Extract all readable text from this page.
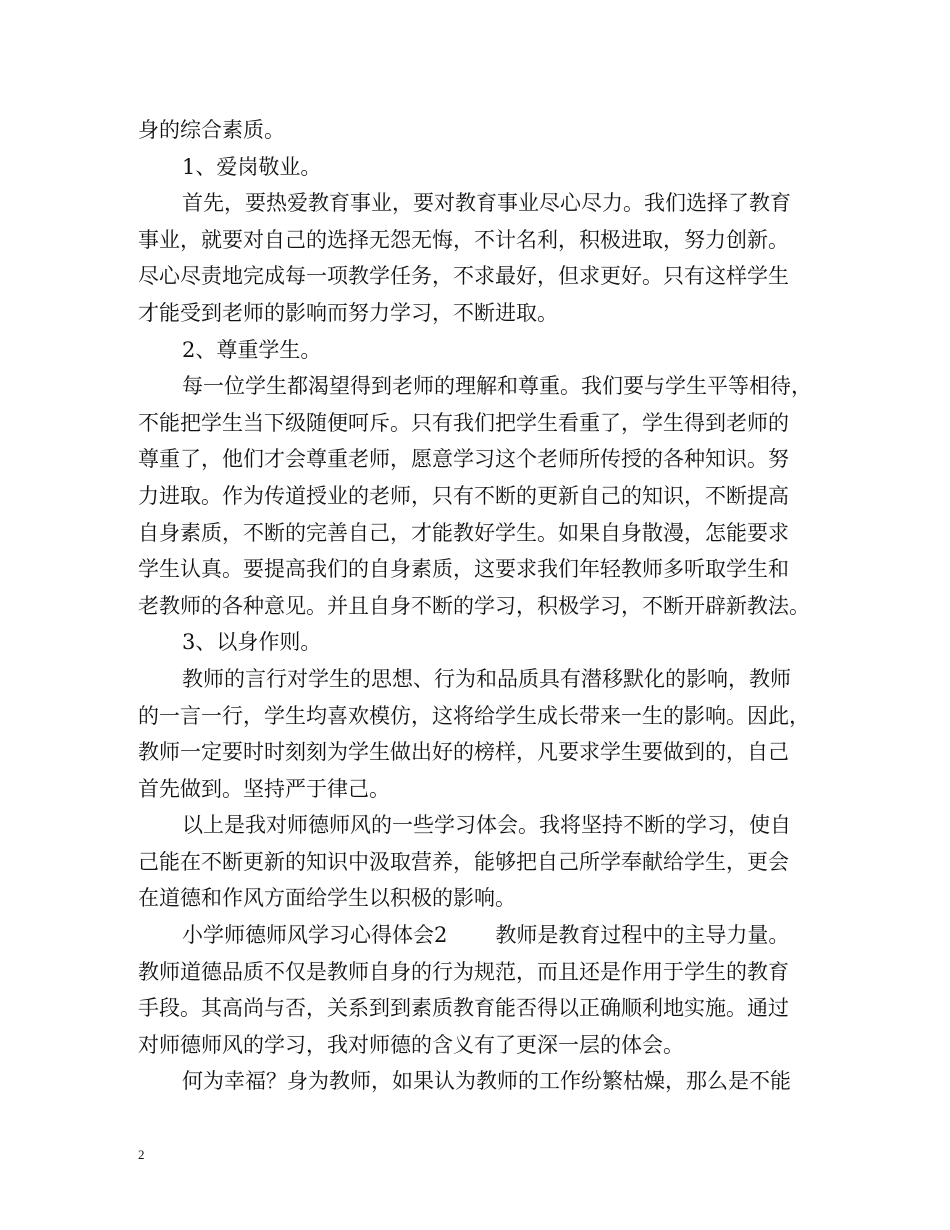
身的综合素质。
1、爱岗敬业。
首先，要热爱教育事业，要对教育事业尽心尽力。我们选择了教育
事业，就要对自己的选择无怨无悔，不计名利，积极进取，努力创新。
尽心尽责地完成每一项教学任务，不求最好，但求更好。只有这样学生
才能受到老师的影响而努力学习，不断进取。
2、尊重学生。
每一位学生都渴望得到老师的理解和尊重。我们要与学生平等相待，
不能把学生当下级随便呵斥。只有我们把学生看重了，学生得到老师的
尊重了，他们才会尊重老师，愿意学习这个老师所传授的各种知识。努
力进取。作为传道授业的老师，只有不断的更新自己的知识，不断提高
自身素质，不断的完善自己，才能教好学生。如果自身散漫，怎能要求
学生认真。要提高我们的自身素质，这要求我们年轻教师多听取学生和
老教师的各种意见。并且自身不断的学习，积极学习，不断开辟新教法。
3、以身作则。
教师的言行对学生的思想、行为和品质具有潜移默化的影响，教师
的一言一行，学生均喜欢模仿，这将给学生成长带来一生的影响。因此，
教师一定要时时刻刻为学生做出好的榜样，凡要求学生要做到的，自己
首先做到。坚持严于律己。
以上是我对师德师风的一些学习体会。我将坚持不断的学习，使自
己能在不断更新的知识中汲取营养，能够把自己所学奉献给学生，更会
在道德和作风方面给学生以积极的影响。
小学师德师风学习心得体会2 教师是教育过程中的主导力量。
教师道德品质不仅是教师自身的行为规范，而且还是作用于学生的教育
手段。其高尚与否，关系到到素质教育能否得以正确顺利地实施。通过
对师德师风的学习，我对师德的含义有了更深一层的体会。
何为幸福？身为教师，如果认为教师的工作纷繁枯燥，那么是不能
2
